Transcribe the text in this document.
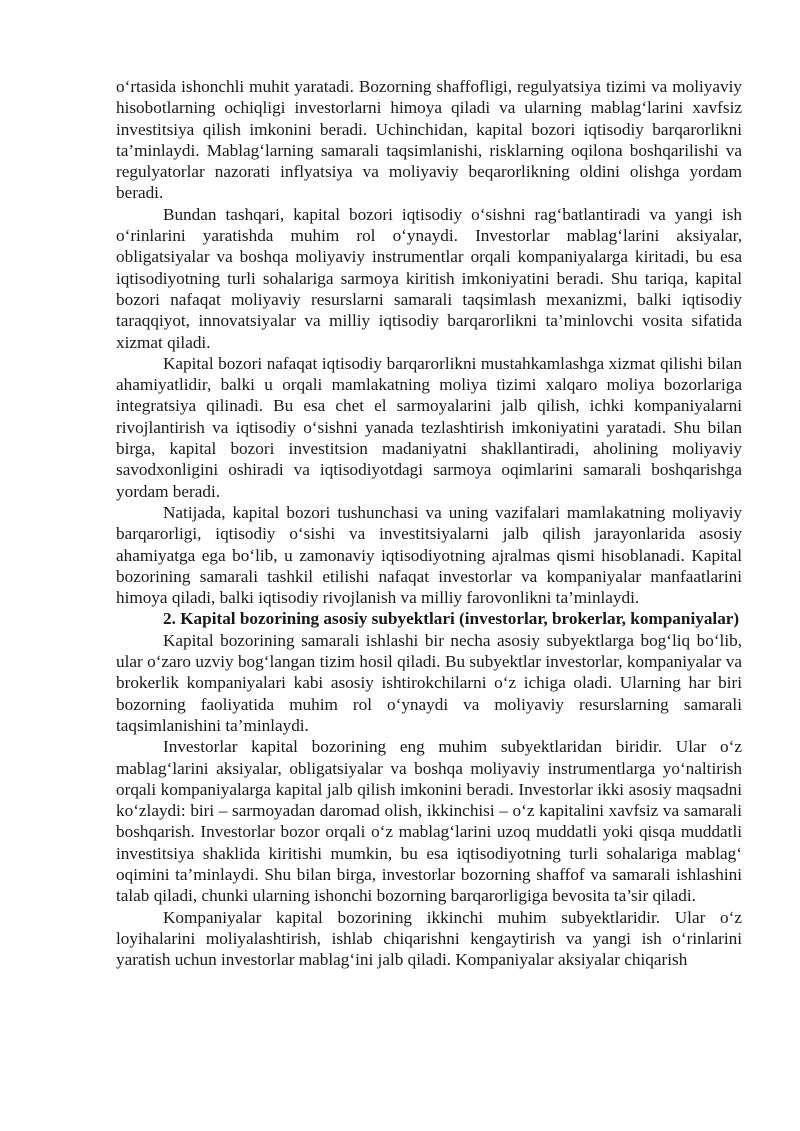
o‘rtasida ishonchli muhit yaratadi. Bozorning shaffofligi, regulyatsiya tizimi va moliyaviy hisobotlarning ochiqligi investorlarni himoya qiladi va ularning mablag‘larini xavfsiz investitsiya qilish imkonini beradi. Uchinchidan, kapital bozori iqtisodiy barqarorlikni ta’minlaydi. Mablag‘larning samarali taqsimlanishi, risklarning oqilona boshqarilishi va regulyatorlar nazorati inflyatsiya va moliyaviy beqarorlikning oldini olishga yordam beradi.

Bundan tashqari, kapital bozori iqtisodiy o‘sishni rag‘batlantiradi va yangi ish o‘rinlarini yaratishda muhim rol o‘ynaydi. Investorlar mablag‘larini aksiyalar, obligatsiyalar va boshqa moliyaviy instrumentlar orqali kompaniyalarga kiritadi, bu esa iqtisodiyotning turli sohalariga sarmoya kiritish imkoniyatini beradi. Shu tariqa, kapital bozori nafaqat moliyaviy resurslarni samarali taqsimlash mexanizmi, balki iqtisodiy taraqqiyot, innovatsiyalar va milliy iqtisodiy barqarorlikni ta’minlovchi vosita sifatida xizmat qiladi.

Kapital bozori nafaqat iqtisodiy barqarorlikni mustahkamlashga xizmat qilishi bilan ahamiyatlidir, balki u orqali mamlakatning moliya tizimi xalqaro moliya bozorlariga integratsiya qilinadi. Bu esa chet el sarmoyalarini jalb qilish, ichki kompaniyalarni rivojlantirish va iqtisodiy o‘sishni yanada tezlashtirish imkoniyatini yaratadi. Shu bilan birga, kapital bozori investitsion madaniyatni shakllantiradi, aholining moliyaviy savodxonligini oshiradi va iqtisodiyotdagi sarmoya oqimlarini samarali boshqarishga yordam beradi.

Natijada, kapital bozori tushunchasi va uning vazifalari mamlakatning moliyaviy barqarorligi, iqtisodiy o‘sishi va investitsiyalarni jalb qilish jarayonlarida asosiy ahamiyatga ega bo‘lib, u zamonaviy iqtisodiyotning ajralmas qismi hisoblanadi. Kapital bozorining samarali tashkil etilishi nafaqat investorlar va kompaniyalar manfaatlarini himoya qiladi, balki iqtisodiy rivojlanish va milliy farovonlikni ta’minlaydi.

2. Kapital bozorining asosiy subyektlari (investorlar, brokerlar, kompaniyalar)

Kapital bozorining samarali ishlashi bir necha asosiy subyektlarga bog‘liq bo‘lib, ular o‘zaro uzviy bog‘langan tizim hosil qiladi. Bu subyektlar investorlar, kompaniyalar va brokerlik kompaniyalari kabi asosiy ishtirokchilarni o‘z ichiga oladi. Ularning har biri bozorning faoliyatida muhim rol o‘ynaydi va moliyaviy resurslarning samarali taqsimlanishini ta’minlaydi.

Investorlar kapital bozorining eng muhim subyektlaridan biridir. Ular o‘z mablag‘larini aksiyalar, obligatsiyalar va boshqa moliyaviy instrumentlarga yo‘naltirish orqali kompaniyalarga kapital jalb qilish imkonini beradi. Investorlar ikki asosiy maqsadni ko‘zlaydi: biri – sarmoyadan daromad olish, ikkinchisi – o‘z kapitalini xavfsiz va samarali boshqarish. Investorlar bozor orqali o‘z mablag‘larini uzoq muddatli yoki qisqa muddatli investitsiya shaklida kiritishi mumkin, bu esa iqtisodiyotning turli sohalariga mablag‘ oqimini ta’minlaydi. Shu bilan birga, investorlar bozorning shaffof va samarali ishlashini talab qiladi, chunki ularning ishonchi bozorning barqarorligiga bevosita ta’sir qiladi.

Kompaniyalar kapital bozorining ikkinchi muhim subyektlaridir. Ular o‘z loyihalarini moliyalashtirish, ishlab chiqarishni kengaytirish va yangi ish o‘rinlarini yaratish uchun investorlar mablag‘ini jalb qiladi. Kompaniyalar aksiyalar chiqarish
